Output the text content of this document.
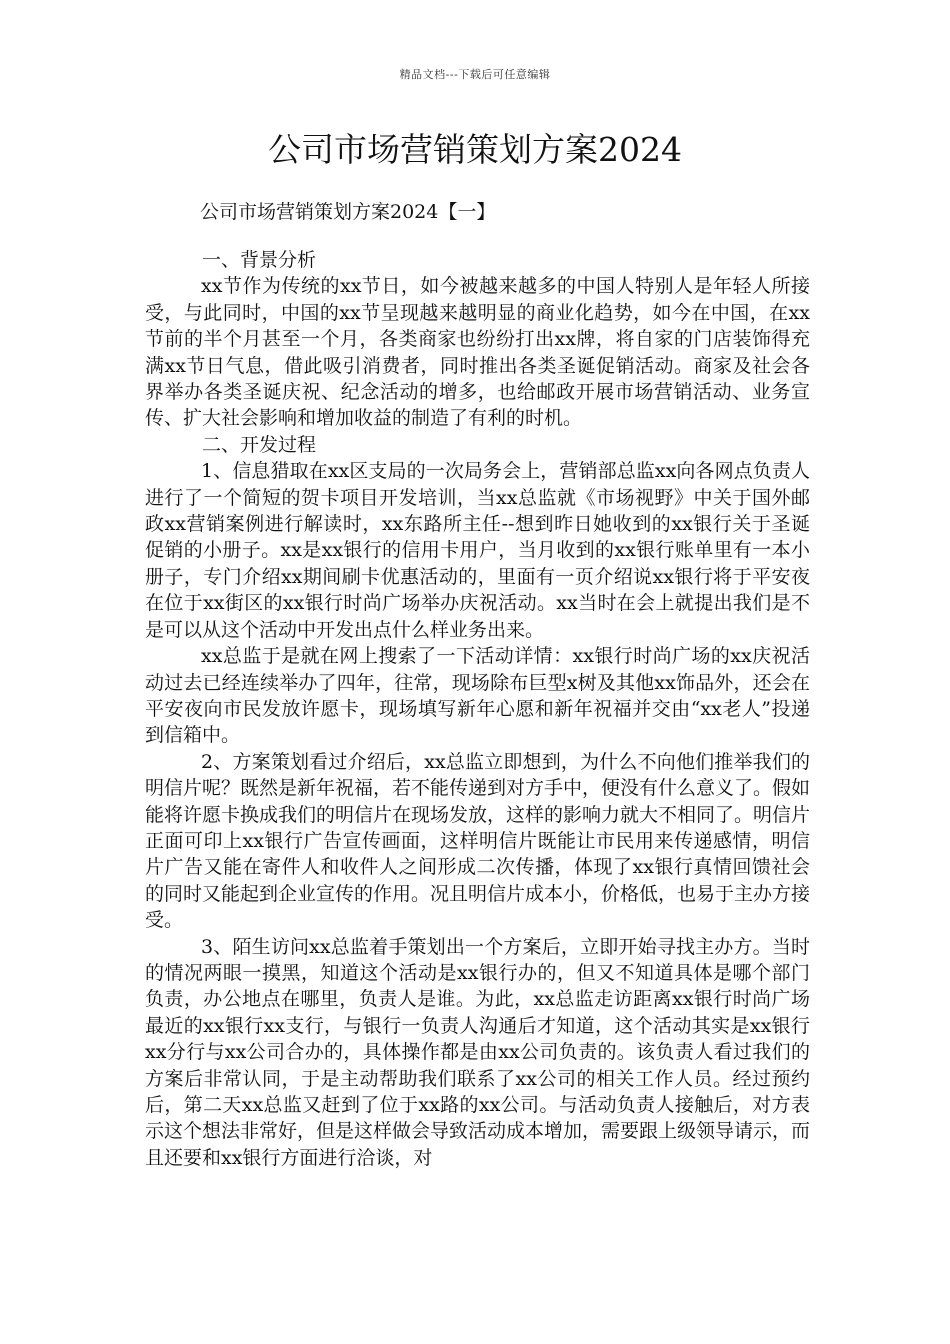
精品文档---下载后可任意编辑
公司市场营销策划方案2024
公司市场营销策划方案2024【一】

一、背景分析

xx节作为传统的xx节日，如今被越来越多的中国人特别人是年轻人所接受，与此同时，中国的xx节呈现越来越明显的商业化趋势，如今在中国，在xx节前的半个月甚至一个月，各类商家也纷纷打出xx牌，将自家的门店装饰得充满xx节日气息，借此吸引消费者，同时推出各类圣诞促销活动。商家及社会各界举办各类圣诞庆祝、纪念活动的增多，也给邮政开展市场营销活动、业务宣传、扩大社会影响和增加收益的制造了有利的时机。

二、开发过程

1、信息猎取在xx区支局的一次局务会上，营销部总监xx向各网点负责人进行了一个简短的贺卡项目开发培训，当xx总监就《市场视野》中关于国外邮政xx营销案例进行解读时，xx东路所主任--想到昨日她收到的xx银行关于圣诞促销的小册子。xx是xx银行的信用卡用户，当月收到的xx银行账单里有一本小册子，专门介绍xx期间刷卡优惠活动的，里面有一页介绍说xx银行将于平安夜在位于xx街区的xx银行时尚广场举办庆祝活动。xx当时在会上就提出我们是不是可以从这个活动中开发出点什么样业务出来。

xx总监于是就在网上搜索了一下活动详情：xx银行时尚广场的xx庆祝活动过去已经连续举办了四年，往常，现场除布巨型x树及其他xx饰品外，还会在平安夜向市民发放许愿卡，现场填写新年心愿和新年祝福并交由“xx老人”投递到信箱中。

2、方案策划看过介绍后，xx总监立即想到，为什么不向他们推举我们的明信片呢？既然是新年祝福，若不能传递到对方手中，便没有什么意义了。假如能将许愿卡换成我们的明信片在现场发放，这样的影响力就大不相同了。明信片正面可印上xx银行广告宣传画面，这样明信片既能让市民用来传递感情，明信片广告又能在寄件人和收件人之间形成二次传播，体现了xx银行真情回馈社会的同时又能起到企业宣传的作用。况且明信片成本小，价格低，也易于主办方接受。

3、陌生访问xx总监着手策划出一个方案后，立即开始寻找主办方。当时的情况两眼一摸黑，知道这个活动是xx银行办的，但又不知道具体是哪个部门负责，办公地点在哪里，负责人是谁。为此，xx总监走访距离xx银行时尚广场最近的xx银行xx支行，与银行一负责人沟通后才知道，这个活动其实是xx银行xx分行与xx公司合办的，具体操作都是由xx公司负责的。该负责人看过我们的方案后非常认同，于是主动帮助我们联系了xx公司的相关工作人员。经过预约后，第二天xx总监又赶到了位于xx路的xx公司。与活动负责人接触后，对方表示这个想法非常好，但是这样做会导致活动成本增加，需要跟上级领导请示，而且还要和xx银行方面进行洽谈，对
